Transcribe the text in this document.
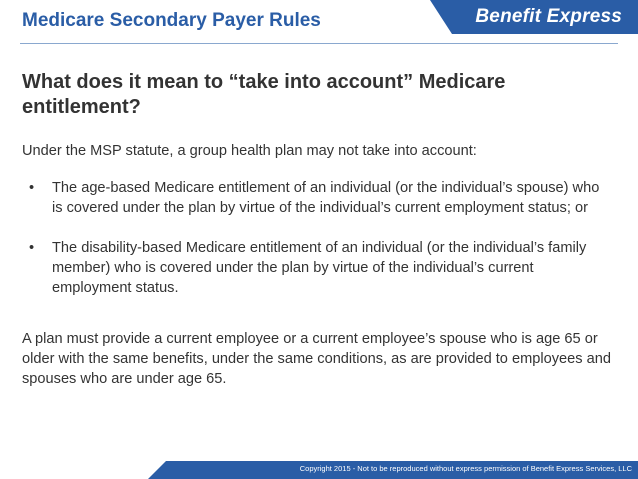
Medicare Secondary Payer Rules	Benefit Express
What does it mean to “take into account” Medicare entitlement?

Under the MSP statute, a group health plan may not take into account:

• The age-based Medicare entitlement of an individual (or the individual’s spouse) who is covered under the plan by virtue of the individual’s current employment status; or
• The disability-based Medicare entitlement of an individual (or the individual’s family member) who is covered under the plan by virtue of the individual’s current employment status.

A plan must provide a current employee or a current employee’s spouse who is age 65 or older with the same benefits, under the same conditions, as are provided to employees and spouses who are under age 65.

Copyright 2015 - Not to be reproduced without express permission of Benefit Express Services, LLC
